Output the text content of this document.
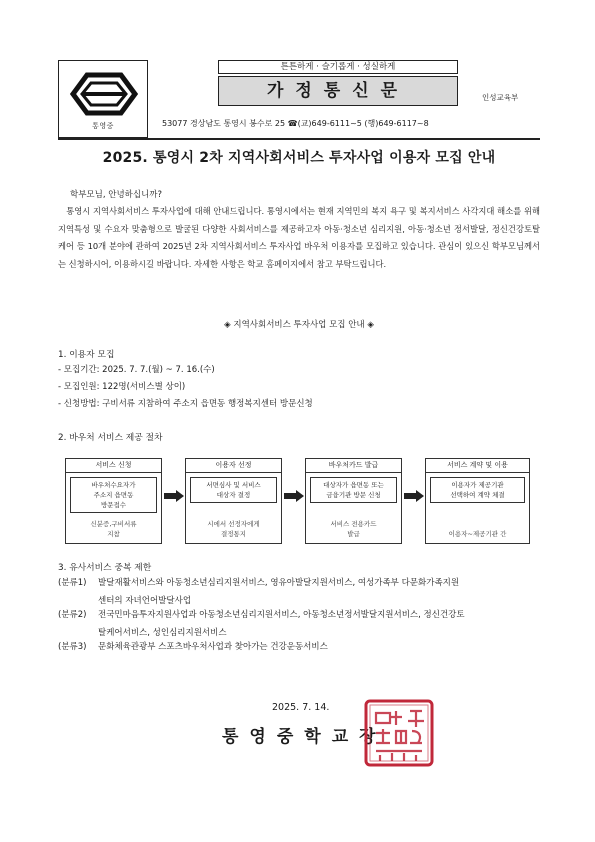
통영중
튼튼하게 · 슬기롭게 · 성실하게
가정통신문
53077 경상남도 통영시 봉수로 25 ☎(교)649-6111~5 (행)649-6117~8
인성교육부
2025. 통영시 2차 지역사회서비스 투자사업 이용자 모집 안내
학부모님, 안녕하십니까?
통영시 지역사회서비스 투자사업에 대해 안내드립니다. 통영시에서는 현재 지역민의 복지 욕구 및 복지서비스 사각지대 해소를 위해 지역특성 및 수요자 맞춤형으로 발굴된 다양한 사회서비스를 제공하고자 아동·청소년 심리지원, 아동·청소년 정서발달, 정신건강토탈케어 등 10개 분야에 관하여 2025년 2차 지역사회서비스 투자사업 바우처 이용자를 모집하고 있습니다. 관심이 있으신 학부모님께서는 신청하시어, 이용하시길 바랍니다. 자세한 사항은 학교 홈페이지에서 참고 부탁드립니다.
◈ 지역사회서비스 투자사업 모집 안내 ◈
1. 이용자 모집
- 모집기간: 2025. 7. 7.(월) ~ 7. 16.(수)
- 모집인원: 122명(서비스별 상이)
- 신청방법: 구비서류 지참하여 주소지 읍면동 행정복지센터 방문신청
2. 바우처 서비스 제공 절차
서비스 신청
바우처수요자가
주소지 읍면동
방문접수
신분증,구비서류
지참
이용자 선정
서면심사 및 서비스
대상자 결정
시에서 선정자에게
결정통지
바우처카드 발급
대상자가 읍면동 또는
금융기관 방문 신청
서비스 전용카드
발급
서비스 계약 및 이용
이용자가 제공기관
선택하여 계약 체결
이용자~제공기관 간
3. 유사서비스 중복 제한
(분류1) 발달재활서비스와 아동청소년심리지원서비스, 영유아발달지원서비스, 여성가족부 다문화가족지원
센터의 자녀언어발달사업
(분류2) 전국민마음투자지원사업과 아동청소년심리지원서비스, 아동청소년정서발달지원서비스, 정신건강토
탈케어서비스, 성인심리지원서비스
(분류3) 문화체육관광부 스포츠바우처사업과 찾아가는 건강운동서비스
2025. 7. 14.
통영중학교장
